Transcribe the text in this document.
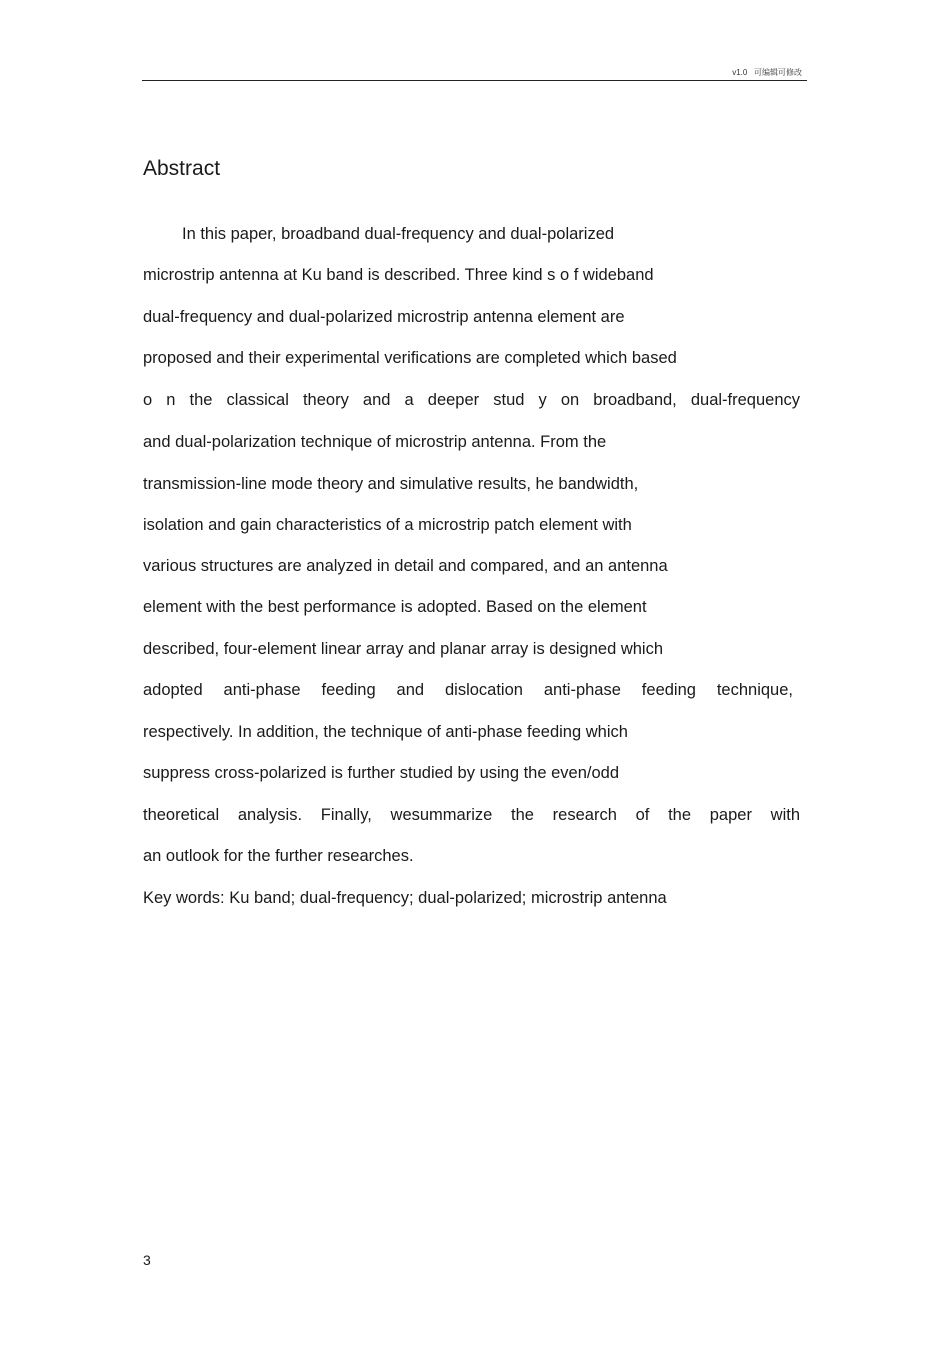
v1.0 可编辑可修改
Abstract

In this paper, broadband dual-frequency and dual-polarized

microstrip antenna at Ku band is described. Three kind s o f wideband

dual-frequency and dual-polarized microstrip antenna element are

proposed and their experimental verifications are completed which based

o n the classical theory and a deeper stud y on broadband, dual-frequency

and dual-polarization technique of microstrip antenna. From the

transmission-line mode theory and simulative results, he bandwidth,

isolation and gain characteristics of a microstrip patch element with

various structures are analyzed in detail and compared, and an antenna

element with the best performance is adopted. Based on the element

described, four-element linear array and planar array is designed which

adopted anti-phase feeding and dislocation anti-phase feeding technique,

respectively. In addition, the technique of anti-phase feeding which

suppress cross-polarized is further studied by using the even/odd

theoretical analysis. Finally, wesummarize the research of the paper with

an outlook for the further researches.

Key words: Ku band; dual-frequency; dual-polarized; microstrip antenna

3
